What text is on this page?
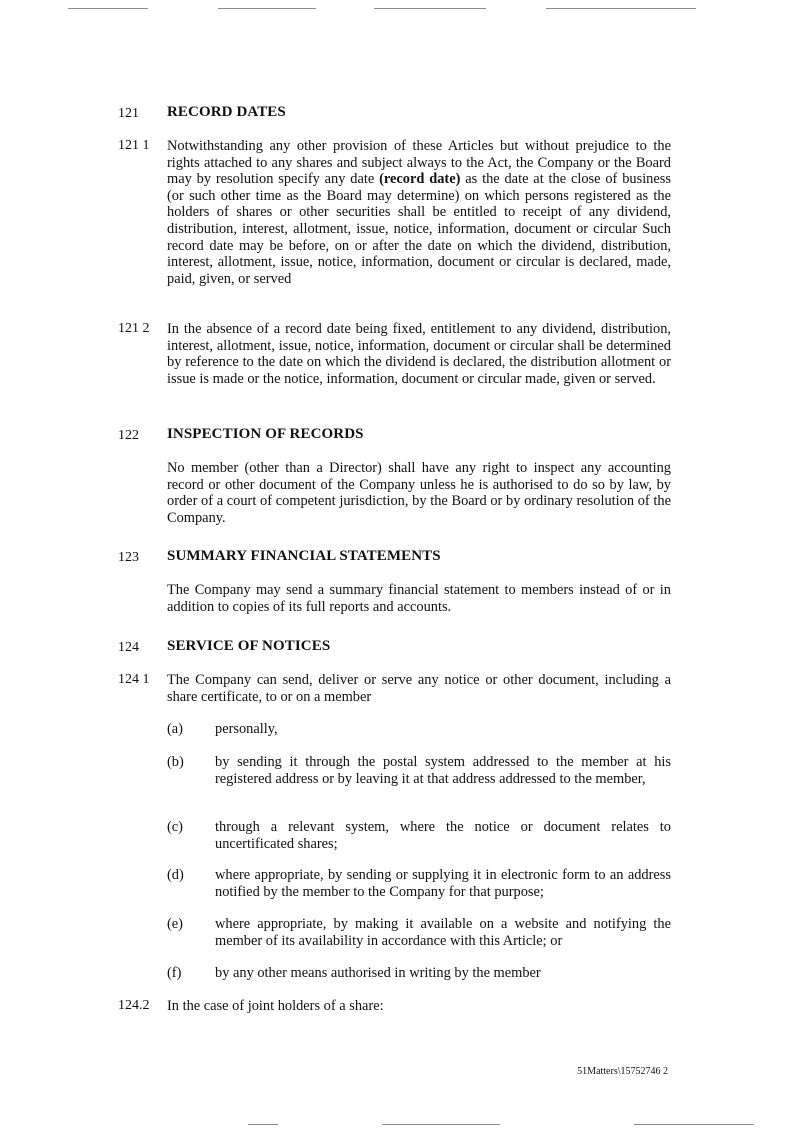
121 RECORD DATES
121 1 Notwithstanding any other provision of these Articles but without prejudice to the rights attached to any shares and subject always to the Act, the Company or the Board may by resolution specify any date (record date) as the date at the close of business (or such other time as the Board may determine) on which persons registered as the holders of shares or other securities shall be entitled to receipt of any dividend, distribution, interest, allotment, issue, notice, information, document or circular Such record date may be before, on or after the date on which the dividend, distribution, interest, allotment, issue, notice, information, document or circular is declared, made, paid, given, or served
121 2 In the absence of a record date being fixed, entitlement to any dividend, distribution, interest, allotment, issue, notice, information, document or circular shall be determined by reference to the date on which the dividend is declared, the distribution allotment or issue is made or the notice, information, document or circular made, given or served.
122 INSPECTION OF RECORDS
No member (other than a Director) shall have any right to inspect any accounting record or other document of the Company unless he is authorised to do so by law, by order of a court of competent jurisdiction, by the Board or by ordinary resolution of the Company.
123 SUMMARY FINANCIAL STATEMENTS
The Company may send a summary financial statement to members instead of or in addition to copies of its full reports and accounts.
124 SERVICE OF NOTICES
124 1 The Company can send, deliver or serve any notice or other document, including a share certificate, to or on a member
(a) personally,
(b) by sending it through the postal system addressed to the member at his registered address or by leaving it at that address addressed to the member,
(c) through a relevant system, where the notice or document relates to uncertificated shares;
(d) where appropriate, by sending or supplying it in electronic form to an address notified by the member to the Company for that purpose;
(e) where appropriate, by making it available on a website and notifying the member of its availability in accordance with this Article; or
(f) by any other means authorised in writing by the member
124.2 In the case of joint holders of a share:
51Matters\15752746 2
